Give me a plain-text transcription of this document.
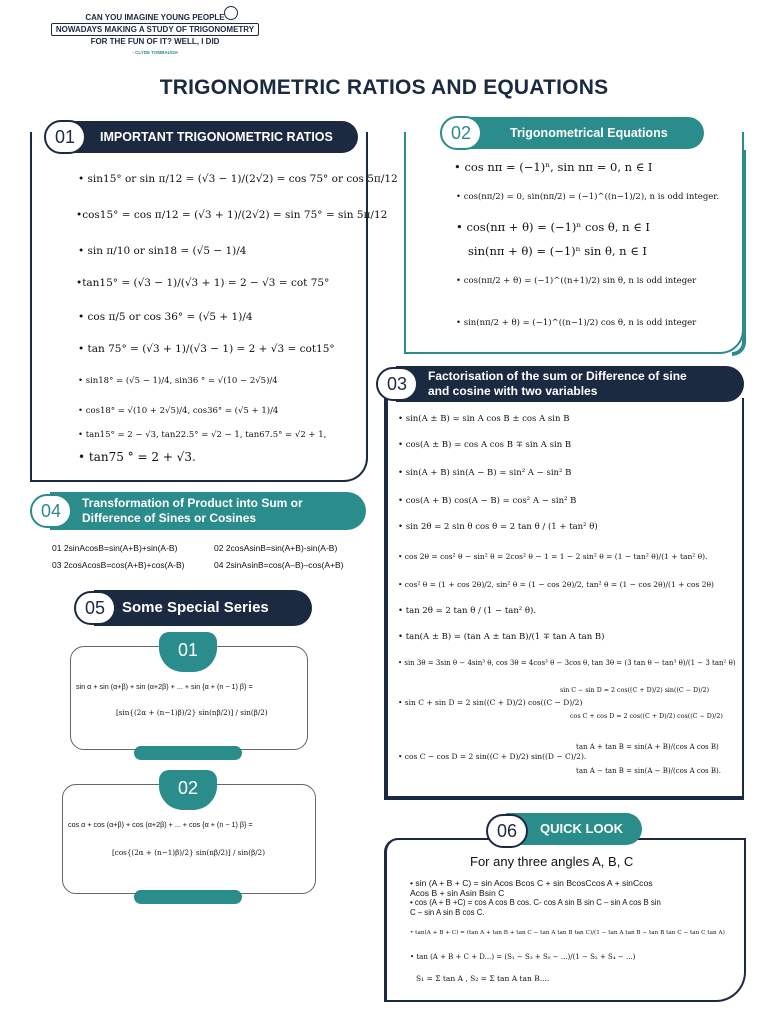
CAN YOU IMAGINE YOUNG PEOPLE
NOWADAYS MAKING A STUDY OF TRIGONOMETRY
FOR THE FUN OF IT? WELL, I DID
- CLYDE TOMBAUGH
TRIGONOMETRIC RATIOS AND EQUATIONS
01	IMPORTANT TRIGONOMETRIC RATIOS
• sin15° or sin π/12 = (√3 − 1)/(2√2) = cos 75° or cos 5π/12
•cos15° = cos π/12 = (√3 + 1)/(2√2) = sin 75° = sin 5π/12
• sin π/10 or sin18 = (√5 − 1)/4
•tan15° = (√3 − 1)/(√3 + 1) = 2 − √3 = cot 75°
• cos π/5 or cos 36° = (√5 + 1)/4
• tan 75° = (√3 + 1)/(√3 − 1) = 2 + √3 = cot15°
• sin18° = (√5 − 1)/4, sin36 ° = √(10 − 2√5)/4
• cos18° = √(10 + 2√5)/4, cos36° = (√5 + 1)/4
• tan15° = 2 − √3, tan22.5° = √2 − 1, tan67.5° = √2 + 1,
• tan75 ° = 2 + √3.
02	Trigonometrical Equations
• cos nπ = (−1)ⁿ, sin nπ = 0, n ∈ I
• cos(nπ/2) = 0, sin(nπ/2) = (−1)^((n−1)/2), n is odd integer.
• cos(nπ + θ) = (−1)ⁿ cos θ, n ∈ I
sin(nπ + θ) = (−1)ⁿ sin θ, n ∈ I
• cos(nπ/2 + θ) = (−1)^((n+1)/2) sin θ, n is odd integer
• sin(nπ/2 + θ) = (−1)^((n−1)/2) cos θ, n is odd integer
03	Factorisation of the sum or Difference of sine
and cosine with two variables
• sin(A ± B) = sin A cos B ± cos A sin B
• cos(A ± B) = cos A cos B ∓ sin A sin B
• sin(A + B) sin(A − B) = sin² A − sin² B
• cos(A + B) cos(A − B) = cos² A − sin² B
• sin 2θ = 2 sin θ cos θ = 2 tan θ / (1 + tan² θ)
• cos 2θ = cos² θ − sin² θ = 2cos² θ − 1 = 1 − 2 sin² θ = (1 − tan² θ)/(1 + tan² θ).
• cos² θ = (1 + cos 2θ)/2, sin² θ = (1 − cos 2θ)/2, tan² θ = (1 − cos 2θ)/(1 + cos 2θ)
• tan 2θ = 2 tan θ / (1 − tan² θ).
• tan(A ± B) = (tan A ± tan B)/(1 ∓ tan A tan B)
• sin 3θ = 3sin θ − 4sin³ θ, cos 3θ = 4cos³ θ − 3cos θ, tan 3θ = (3 tan θ − tan³ θ)/(1 − 3 tan² θ)
• sin C + sin D = 2 sin((C + D)/2) cos((C − D)/2)
sin C − sin D = 2 cos((C + D)/2) sin((C − D)/2)
cos C + cos D = 2 cos((C + D)/2) cos((C − D)/2)
• cos C − cos D = 2 sin((C + D)/2) sin((D − C)/2).
tan A + tan B = sin(A + B)/(cos A cos B)
tan A − tan B = sin(A − B)/(cos A cos B).
04	Transformation of Product into Sum or
Difference of Sines or Cosines
01 2sinAcosB=sin(A+B)+sin(A-B)	02 2cosAsinB=sin(A+B)-sin(A-B)
03 2cosAcosB=cos(A+B)+cos(A-B)	04 2sinAsinB=cos(A–B)–cos(A+B)
05	Some Special Series
01
sin α + sin (α+β) + sin (α+2β) + ... + sin {α + (n − 1) β} =
[sin{(2α + (n−1)β)/2} sin(nβ/2)] / sin(β/2)
02
cos α + cos (α+β) + cos (α+2β) + ... + cos {α + (n − 1) β} =
[cos{(2α + (n−1)β)/2} sin(nβ/2)] / sin(β/2)
06	QUICK LOOK
For any three angles A, B, C
• sin (A + B + C) = sin Acos Bcos C + sin BcosCcos A + sinCcos Acos B + sin Asin Bsin C
• cos (A + B +C) = cos A cos B cos. C- cos A sin B sin C – sin A cos B sin C – sin A sin B cos C.
• tan(A + B + C) = (tan A + tan B + tan C − tan A tan B tan C)/(1 − tan A tan B − tan B tan C − tan C tan A)
• tan (A + B + C + D...) = (S₁ − S₃ + S₅ − ...)/(1 − S₂ + S₄ − ...)
S₁ = Σ tan A , S₂ = Σ tan A tan B....
